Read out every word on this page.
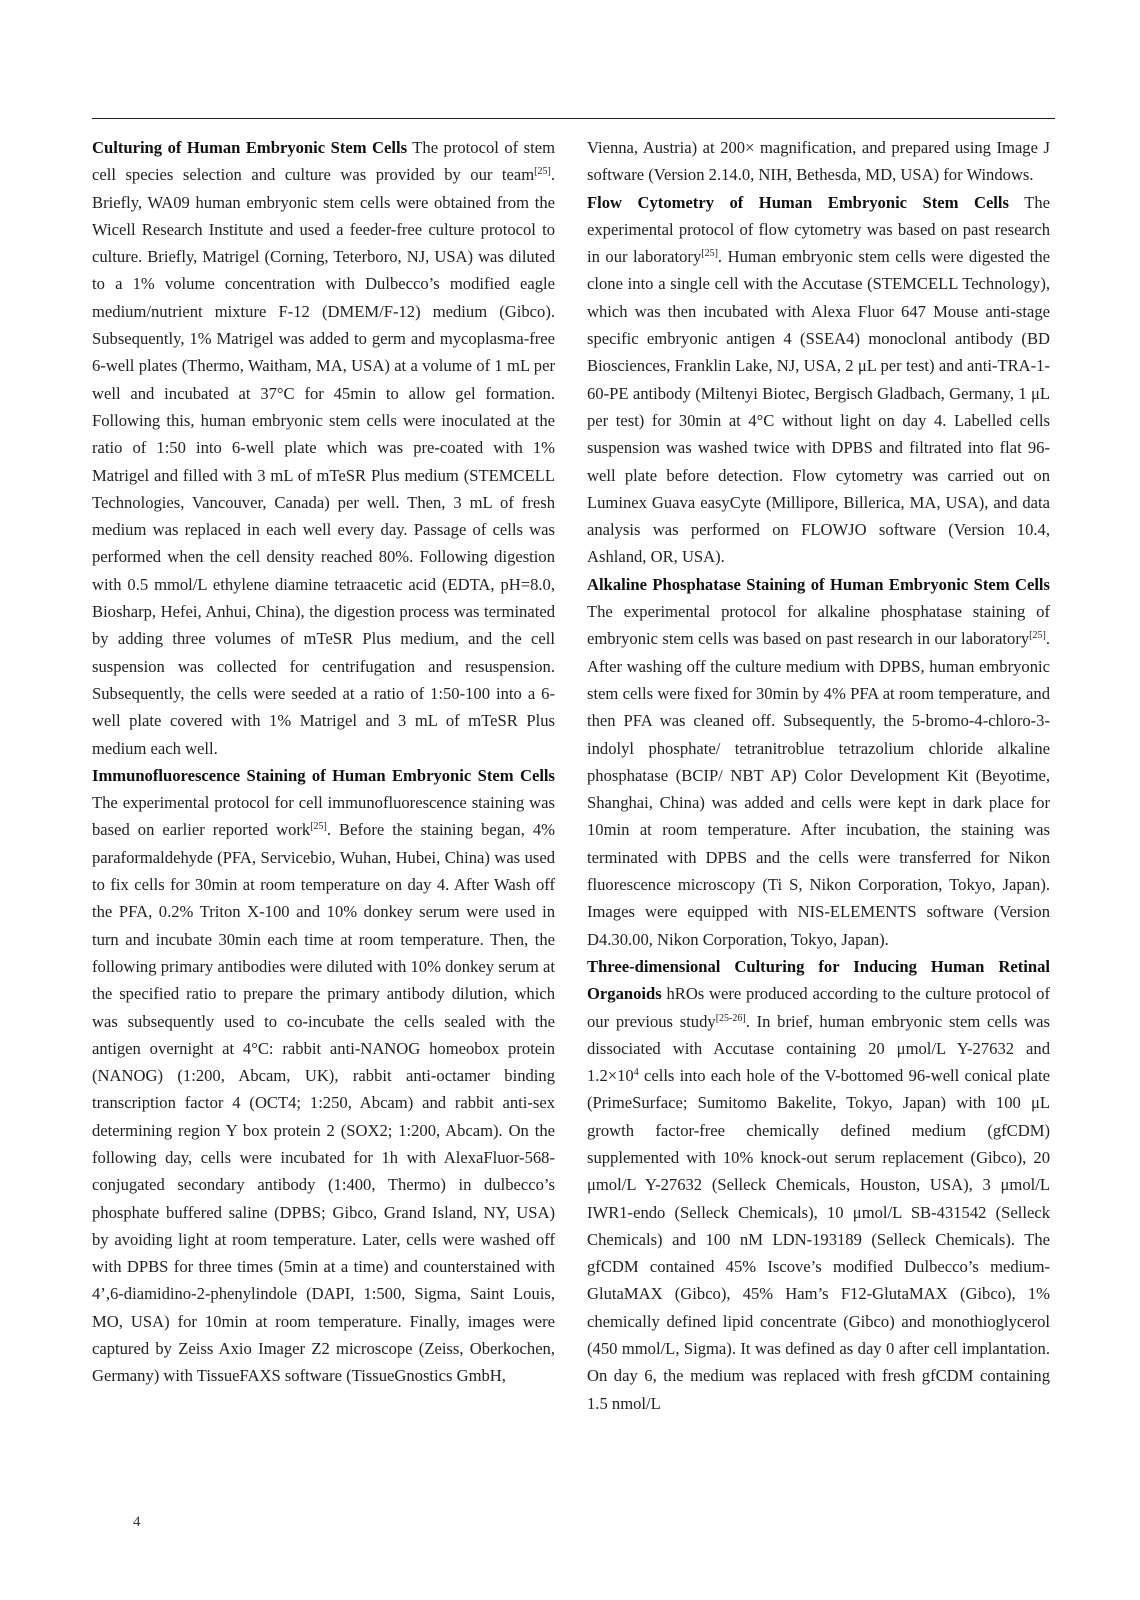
Culturing of Human Embryonic Stem Cells The protocol of stem cell species selection and culture was provided by our team[25]. Briefly, WA09 human embryonic stem cells were obtained from the Wicell Research Institute and used a feeder-free culture protocol to culture. Briefly, Matrigel (Corning, Teterboro, NJ, USA) was diluted to a 1% volume concentration with Dulbecco’s modified eagle medium/nutrient mixture F-12 (DMEM/F-12) medium (Gibco). Subsequently, 1% Matrigel was added to germ and mycoplasma-free 6-well plates (Thermo, Waitham, MA, USA) at a volume of 1 mL per well and incubated at 37°C for 45min to allow gel formation. Following this, human embryonic stem cells were inoculated at the ratio of 1:50 into 6-well plate which was pre-coated with 1% Matrigel and filled with 3 mL of mTeSR Plus medium (STEMCELL Technologies, Vancouver, Canada) per well. Then, 3 mL of fresh medium was replaced in each well every day. Passage of cells was performed when the cell density reached 80%. Following digestion with 0.5 mmol/L ethylene diamine tetraacetic acid (EDTA, pH=8.0, Biosharp, Hefei, Anhui, China), the digestion process was terminated by adding three volumes of mTeSR Plus medium, and the cell suspension was collected for centrifugation and resuspension. Subsequently, the cells were seeded at a ratio of 1:50-100 into a 6-well plate covered with 1% Matrigel and 3 mL of mTeSR Plus medium each well.

Immunofluorescence Staining of Human Embryonic Stem Cells The experimental protocol for cell immunofluorescence staining was based on earlier reported work[25]. Before the staining began, 4% paraformaldehyde (PFA, Servicebio, Wuhan, Hubei, China) was used to fix cells for 30min at room temperature on day 4. After Wash off the PFA, 0.2% Triton X-100 and 10% donkey serum were used in turn and incubate 30min each time at room temperature. Then, the following primary antibodies were diluted with 10% donkey serum at the specified ratio to prepare the primary antibody dilution, which was subsequently used to co-incubate the cells sealed with the antigen overnight at 4°C: rabbit anti-NANOG homeobox protein (NANOG) (1:200, Abcam, UK), rabbit anti-octamer binding transcription factor 4 (OCT4; 1:250, Abcam) and rabbit anti-sex determining region Y box protein 2 (SOX2; 1:200, Abcam). On the following day, cells were incubated for 1h with AlexaFluor-568-conjugated secondary antibody (1:400, Thermo) in dulbecco’s phosphate buffered saline (DPBS; Gibco, Grand Island, NY, USA) by avoiding light at room temperature. Later, cells were washed off with DPBS for three times (5min at a time) and counterstained with 4’,6-diamidino-2-phenylindole (DAPI, 1:500, Sigma, Saint Louis, MO, USA) for 10min at room temperature. Finally, images were captured by Zeiss Axio Imager Z2 microscope (Zeiss, Oberkochen, Germany) with TissueFAXS software (TissueGnostics GmbH,

Vienna, Austria) at 200× magnification, and prepared using Image J software (Version 2.14.0, NIH, Bethesda, MD, USA) for Windows.

Flow Cytometry of Human Embryonic Stem Cells The experimental protocol of flow cytometry was based on past research in our laboratory[25]. Human embryonic stem cells were digested the clone into a single cell with the Accutase (STEMCELL Technology), which was then incubated with Alexa Fluor 647 Mouse anti-stage specific embryonic antigen 4 (SSEA4) monoclonal antibody (BD Biosciences, Franklin Lake, NJ, USA, 2 μL per test) and anti-TRA-1-60-PE antibody (Miltenyi Biotec, Bergisch Gladbach, Germany, 1 μL per test) for 30min at 4°C without light on day 4. Labelled cells suspension was washed twice with DPBS and filtrated into flat 96-well plate before detection. Flow cytometry was carried out on Luminex Guava easyCyte (Millipore, Billerica, MA, USA), and data analysis was performed on FLOWJO software (Version 10.4, Ashland, OR, USA).

Alkaline Phosphatase Staining of Human Embryonic Stem Cells The experimental protocol for alkaline phosphatase staining of embryonic stem cells was based on past research in our laboratory[25]. After washing off the culture medium with DPBS, human embryonic stem cells were fixed for 30min by 4% PFA at room temperature, and then PFA was cleaned off. Subsequently, the 5-bromo-4-chloro-3-indolyl phosphate/ tetranitroblue tetrazolium chloride alkaline phosphatase (BCIP/ NBT AP) Color Development Kit (Beyotime, Shanghai, China) was added and cells were kept in dark place for 10min at room temperature. After incubation, the staining was terminated with DPBS and the cells were transferred for Nikon fluorescence microscopy (Ti S, Nikon Corporation, Tokyo, Japan). Images were equipped with NIS-ELEMENTS software (Version D4.30.00, Nikon Corporation, Tokyo, Japan).

Three-dimensional Culturing for Inducing Human Retinal Organoids hROs were produced according to the culture protocol of our previous study[25-26]. In brief, human embryonic stem cells was dissociated with Accutase containing 20 μmol/L Y-27632 and $1.2\times 10^4$ cells into each hole of the V-bottomed 96-well conical plate (PrimeSurface; Sumitomo Bakelite, Tokyo, Japan) with 100 μL growth factor-free chemically defined medium (gfCDM) supplemented with 10% knock-out serum replacement (Gibco), 20 μmol/L Y-27632 (Selleck Chemicals, Houston, USA), 3 μmol/L IWR1-endo (Selleck Chemicals), 10 μmol/L SB-431542 (Selleck Chemicals) and 100 nM LDN-193189 (Selleck Chemicals). The gfCDM contained 45% Iscove’s modified Dulbecco’s medium-GlutaMAX (Gibco), 45% Ham’s F12-GlutaMAX (Gibco), 1% chemically defined lipid concentrate (Gibco) and monothioglycerol (450 mmol/L, Sigma). It was defined as day 0 after cell implantation. On day 6, the medium was replaced with fresh gfCDM containing 1.5 nmol/L

4
